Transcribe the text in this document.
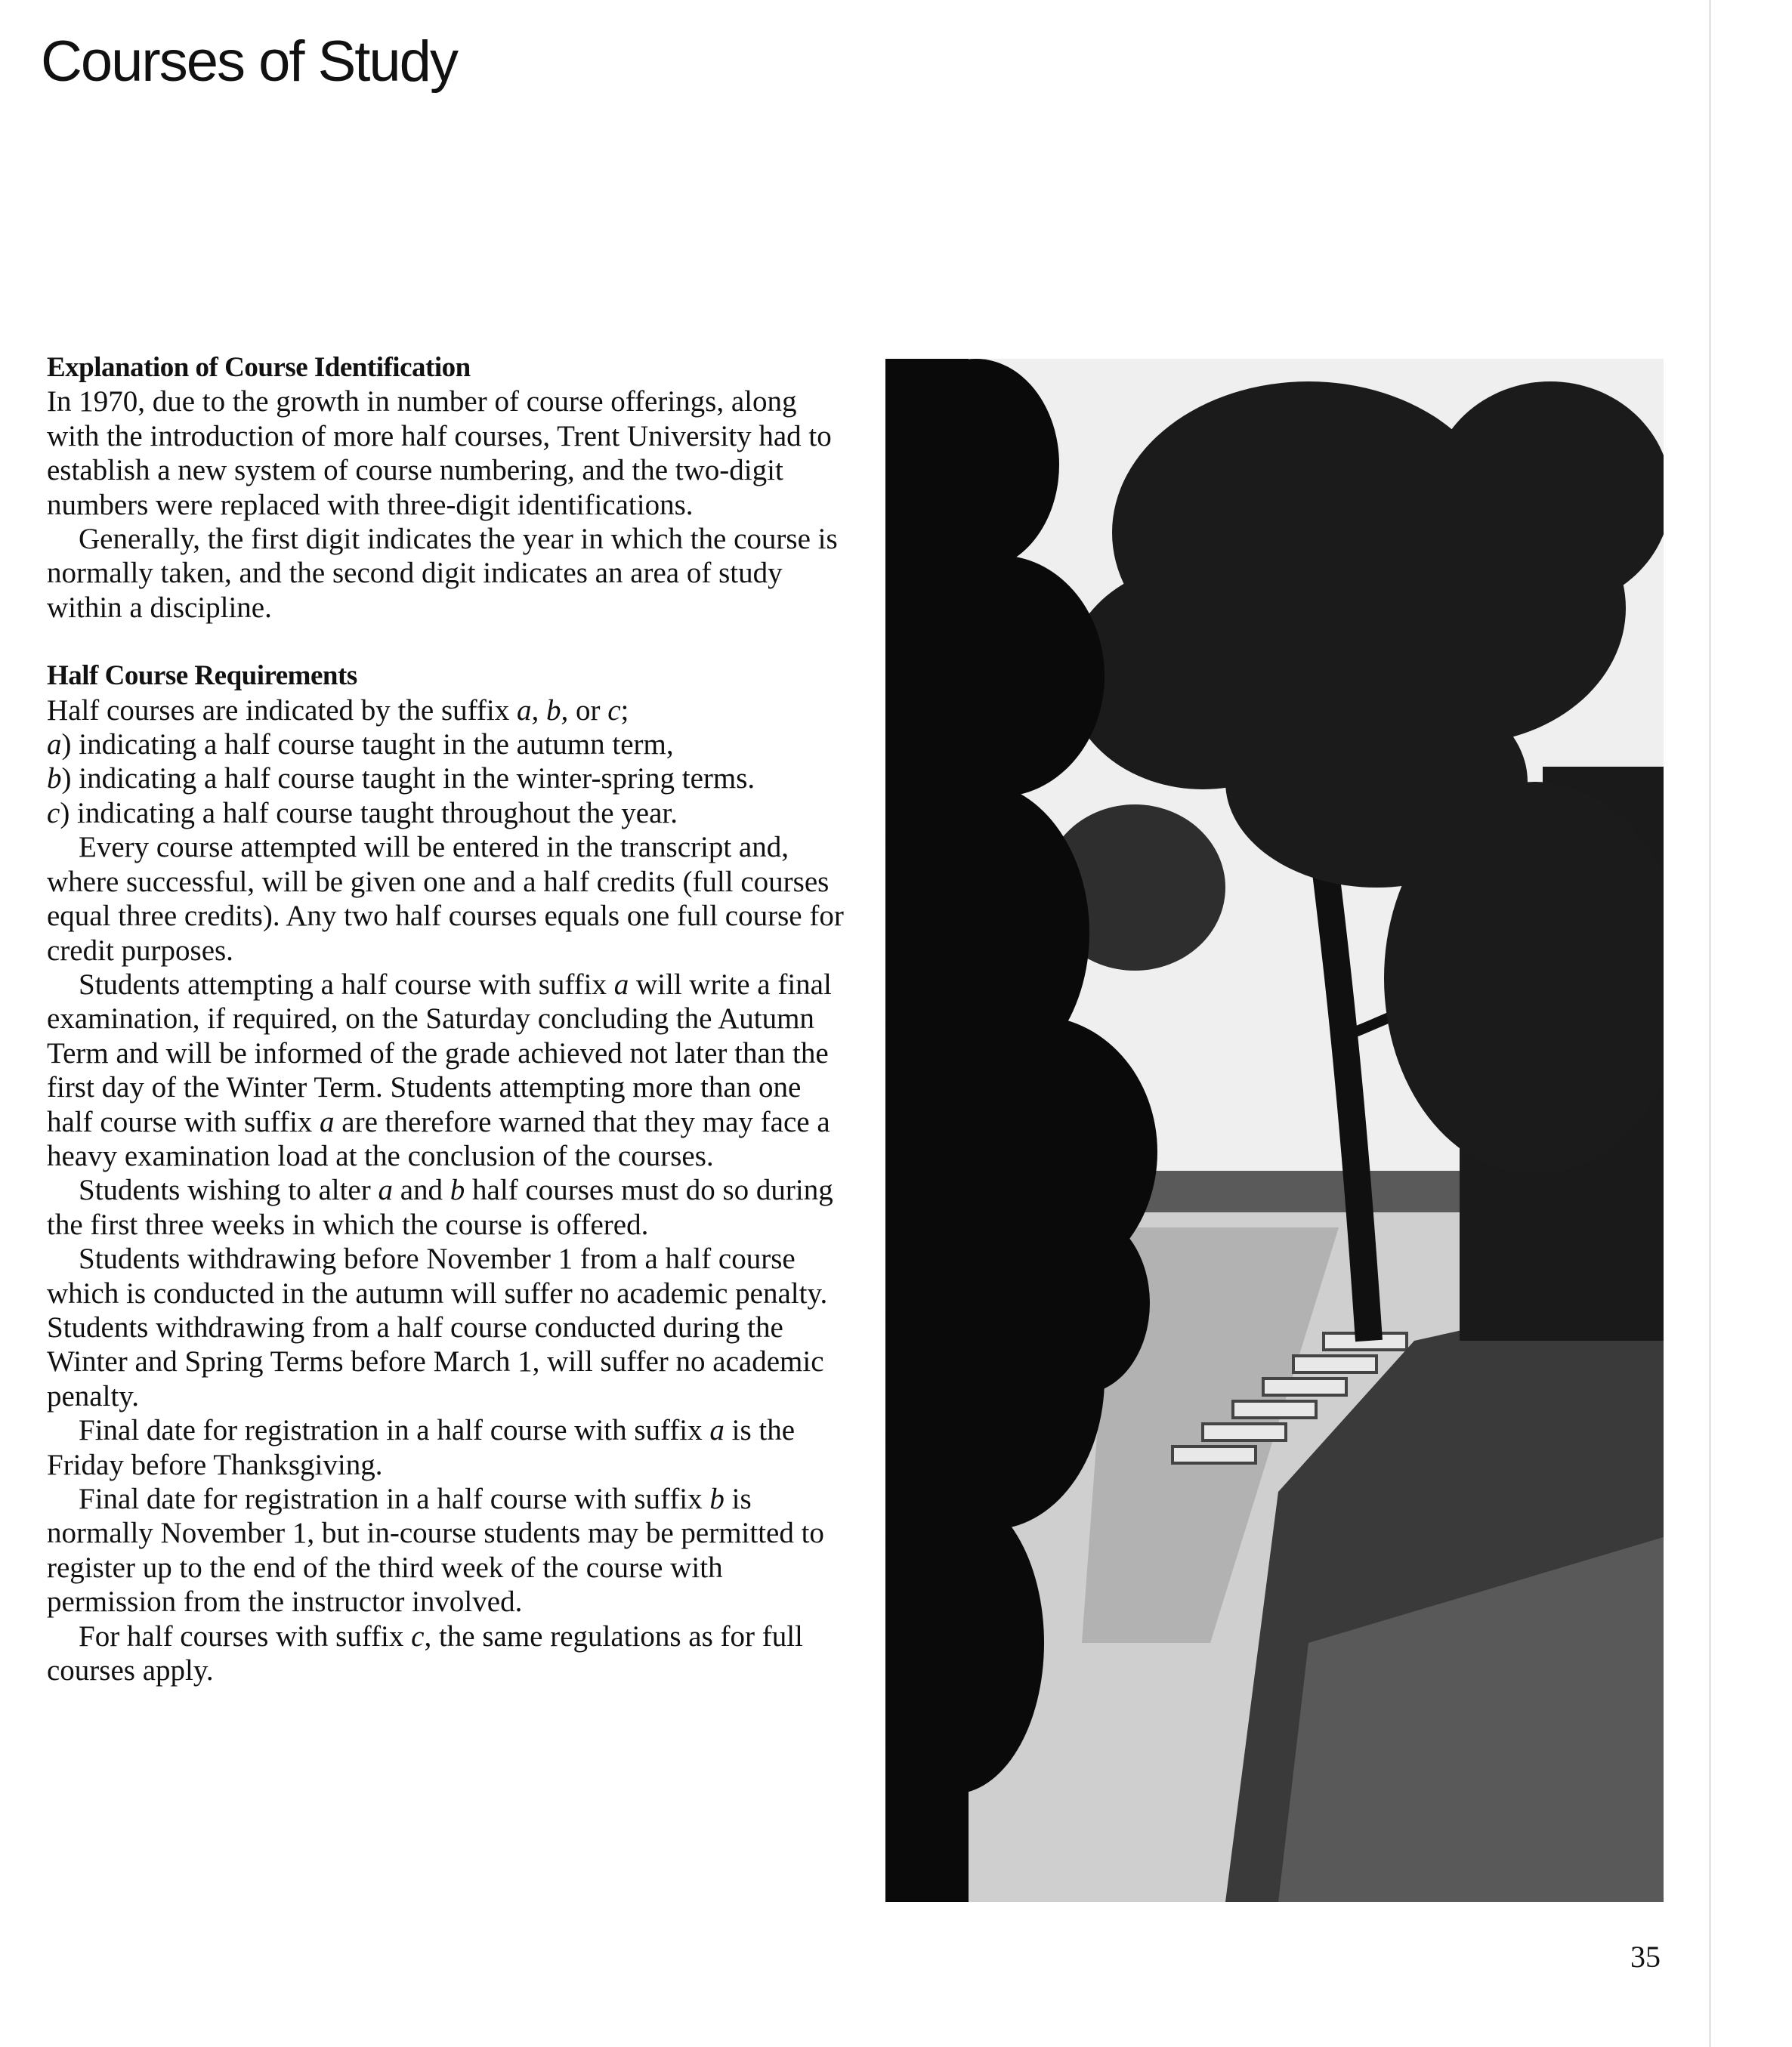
Courses of Study
Explanation of Course Identification

In 1970, due to the growth in number of course offerings, along with the introduction of more half courses, Trent University had to establish a new system of course numbering, and the two-digit numbers were replaced with three-digit identifications.

Generally, the first digit indicates the year in which the course is normally taken, and the second digit indicates an area of study within a discipline.

Half Course Requirements

Half courses are indicated by the suffix a, b, or c;

a) indicating a half course taught in the autumn term,

b) indicating a half course taught in the winter-spring terms.

c) indicating a half course taught throughout the year.

Every course attempted will be entered in the transcript and, where successful, will be given one and a half credits (full courses equal three credits). Any two half courses equals one full course for credit purposes.

Students attempting a half course with suffix a will write a final examination, if required, on the Saturday concluding the Autumn Term and will be informed of the grade achieved not later than the first day of the Winter Term. Students attempting more than one half course with suffix a are therefore warned that they may face a heavy examination load at the conclusion of the courses.

Students wishing to alter a and b half courses must do so during the first three weeks in which the course is offered.

Students withdrawing before November 1 from a half course which is conducted in the autumn will suffer no academic penalty. Students withdrawing from a half course conducted during the Winter and Spring Terms before March 1, will suffer no academic penalty.

Final date for registration in a half course with suffix a is the Friday before Thanksgiving.

Final date for registration in a half course with suffix b is normally November 1, but in-course students may be permitted to register up to the end of the third week of the course with permission from the instructor involved.

For half courses with suffix c, the same regulations as for full courses apply.

35
